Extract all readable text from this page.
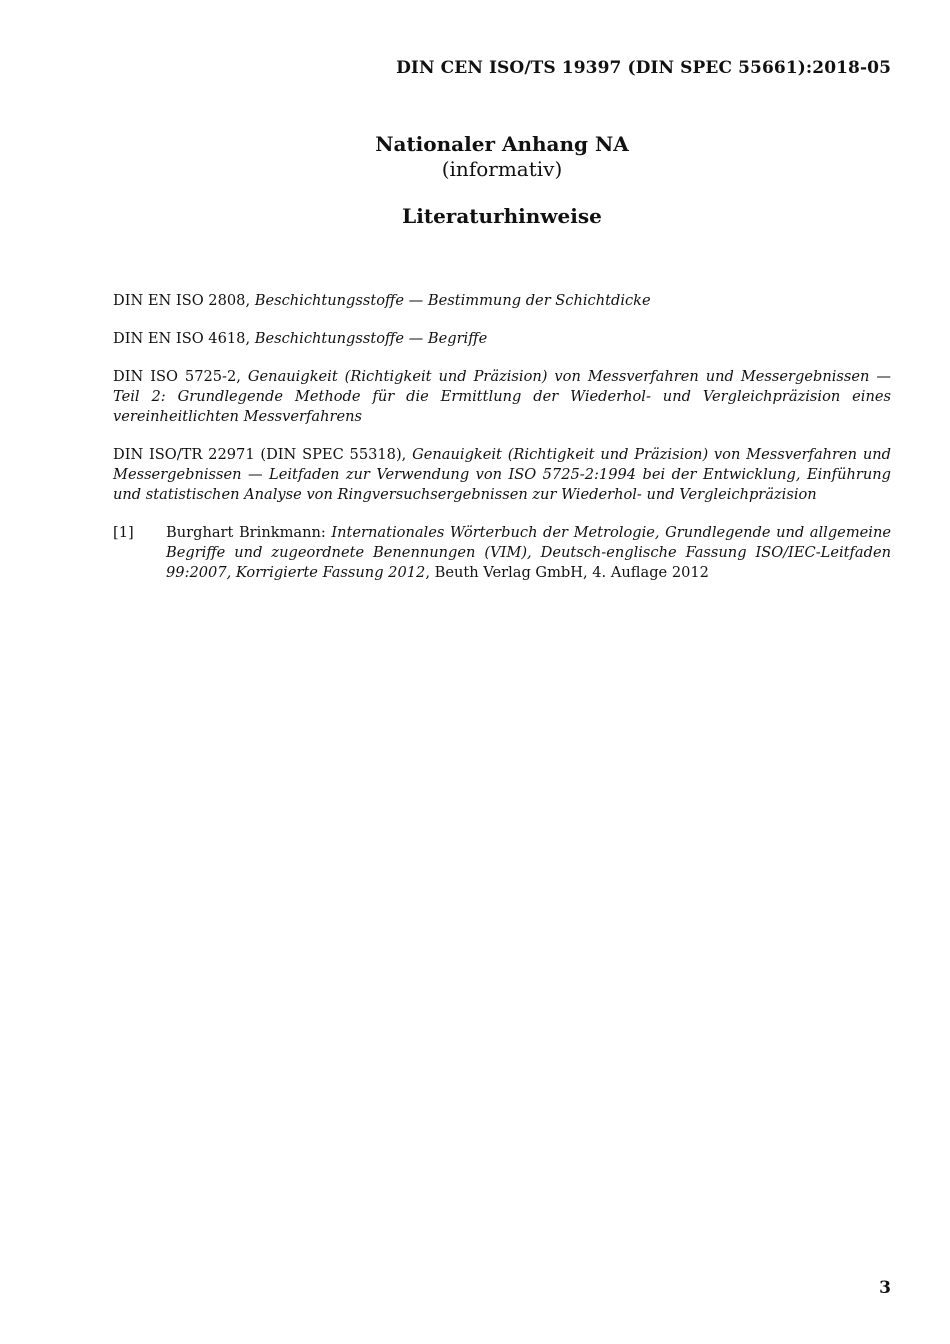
DIN CEN ISO/TS 19397 (DIN SPEC 55661):2018-05

Nationaler Anhang NA

(informativ)

Literaturhinweise

DIN EN ISO 2808, Beschichtungsstoffe — Bestimmung der Schichtdicke

DIN EN ISO 4618, Beschichtungsstoffe — Begriffe

DIN ISO 5725-2, Genauigkeit (Richtigkeit und Präzision) von Messverfahren und Messergebnissen — Teil 2: Grundlegende Methode für die Ermittlung der Wiederhol- und Vergleichpräzision eines vereinheitlichten Messverfahrens

DIN ISO/TR 22971 (DIN SPEC 55318), Genauigkeit (Richtigkeit und Präzision) von Messverfahren und Messergebnissen — Leitfaden zur Verwendung von ISO 5725-2:1994 bei der Entwicklung, Einführung und statistischen Analyse von Ringversuchsergebnissen zur Wiederhol- und Vergleichpräzision

[1]	Burghart Brinkmann: Internationales Wörterbuch der Metrologie, Grundlegende und allgemeine Begriffe und zugeordnete Benennungen (VIM), Deutsch-englische Fassung ISO/IEC-Leitfaden 99:2007, Korrigierte Fassung 2012, Beuth Verlag GmbH, 4. Auflage 2012
3
